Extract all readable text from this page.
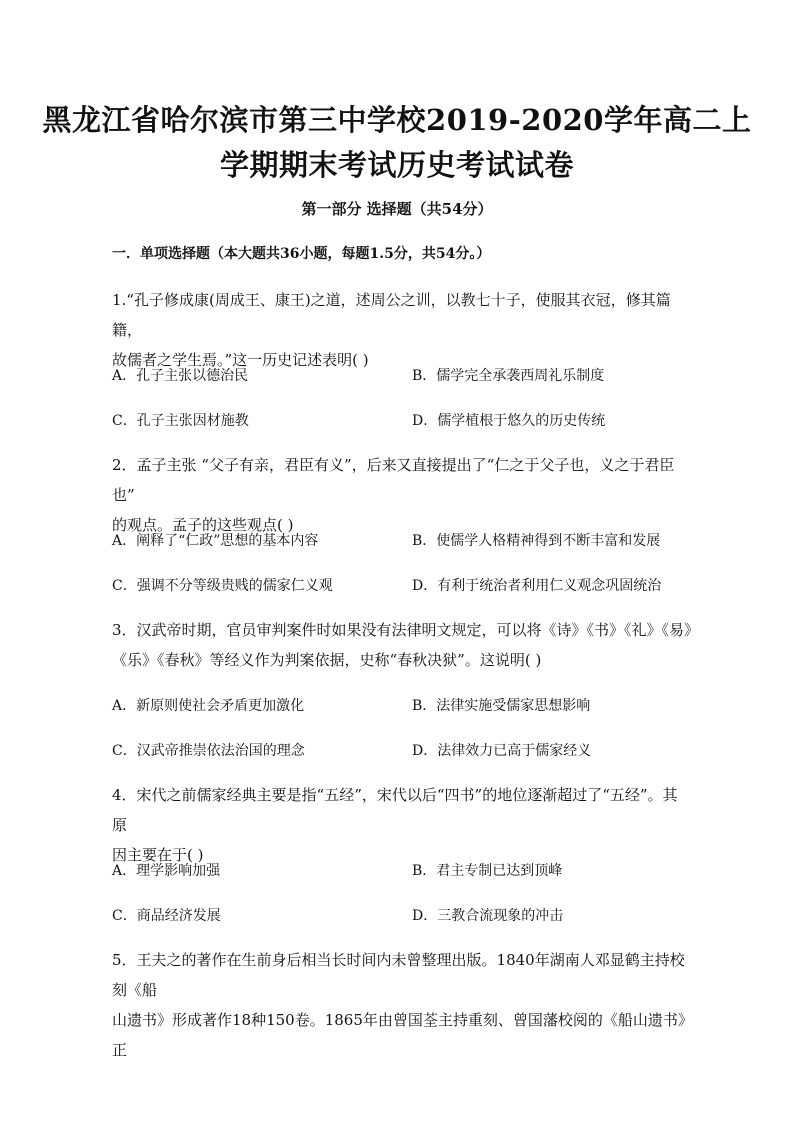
黑龙江省哈尔滨市第三中学校2019-2020学年高二上
学期期末考试历史考试试卷
第一部分 选择题（共54分）
一．单项选择题（本大题共36小题，每题1.5分，共54分。）
1.“孔子修成康(周成王、康王)之道，述周公之训，以教七十子，使服其衣冠，修其篇籍，
故儒者之学生焉。”这一历史记述表明( )
A．孔子主张以德治民	B．儒学完全承袭西周礼乐制度
C．孔子主张因材施教	D．儒学植根于悠久的历史传统
2．孟子主张 “父子有亲，君臣有义”，后来又直接提出了“仁之于父子也，义之于君臣也”
的观点。孟子的这些观点( )
A．阐释了“仁政”思想的基本内容	B．使儒学人格精神得到不断丰富和发展
C．强调不分等级贵贱的儒家仁义观	D．有利于统治者利用仁义观念巩固统治
3．汉武帝时期，官员审判案件时如果没有法律明文规定，可以将《诗》《书》《礼》《易》
《乐》《春秋》等经义作为判案依据，史称“春秋决狱”。这说明( )
A．新原则使社会矛盾更加激化	B．法律实施受儒家思想影响
C．汉武帝推崇依法治国的理念	D．法律效力已高于儒家经义
4．宋代之前儒家经典主要是指“五经”，宋代以后“四书”的地位逐渐超过了“五经”。其原
因主要在于( )
A．理学影响加强	B．君主专制已达到顶峰
C．商品经济发展	D．三教合流现象的冲击
5．王夫之的著作在生前身后相当长时间内未曾整理出版。1840年湖南人邓显鹤主持校刻《船
山遗书》形成著作18种150卷。1865年由曾国荃主持重刻、曾国藩校阅的《船山遗书》正
